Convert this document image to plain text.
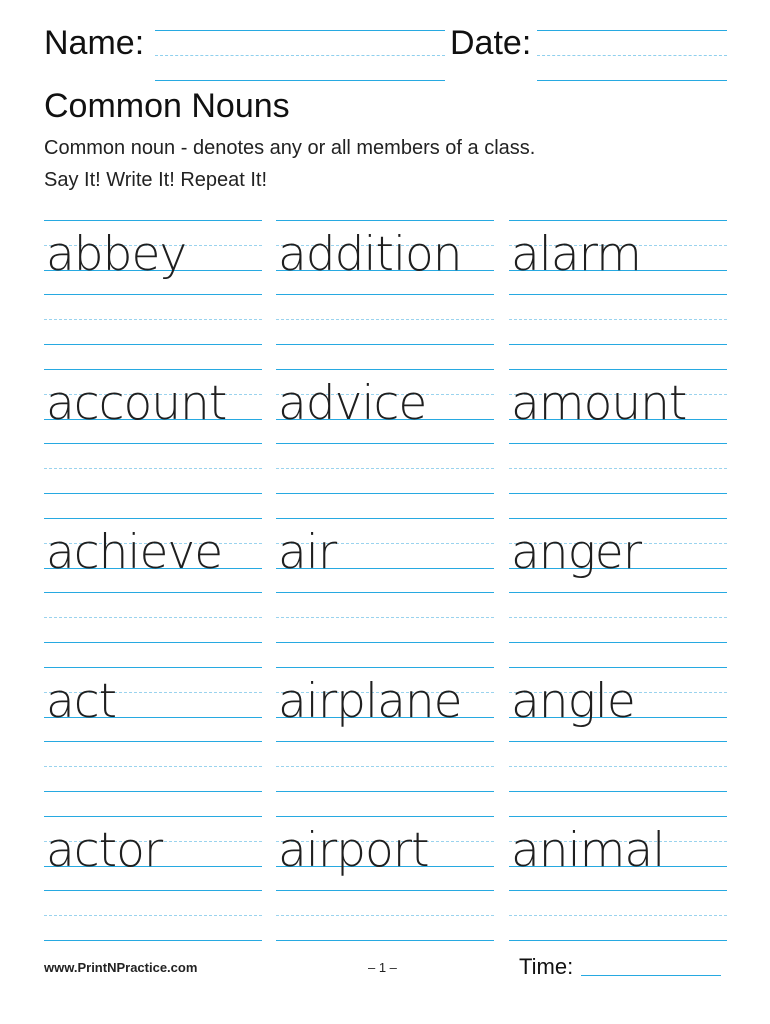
Name:	Date:
Common Nouns
Common noun - denotes any or all members of a class.
Say It! Write It! Repeat It!
abbey
account
achieve
act
actor
addition
advice
air
airplane
airport
alarm
amount
anger
angle
animal
www.PrintNPractice.com	– 1 –	Time:
